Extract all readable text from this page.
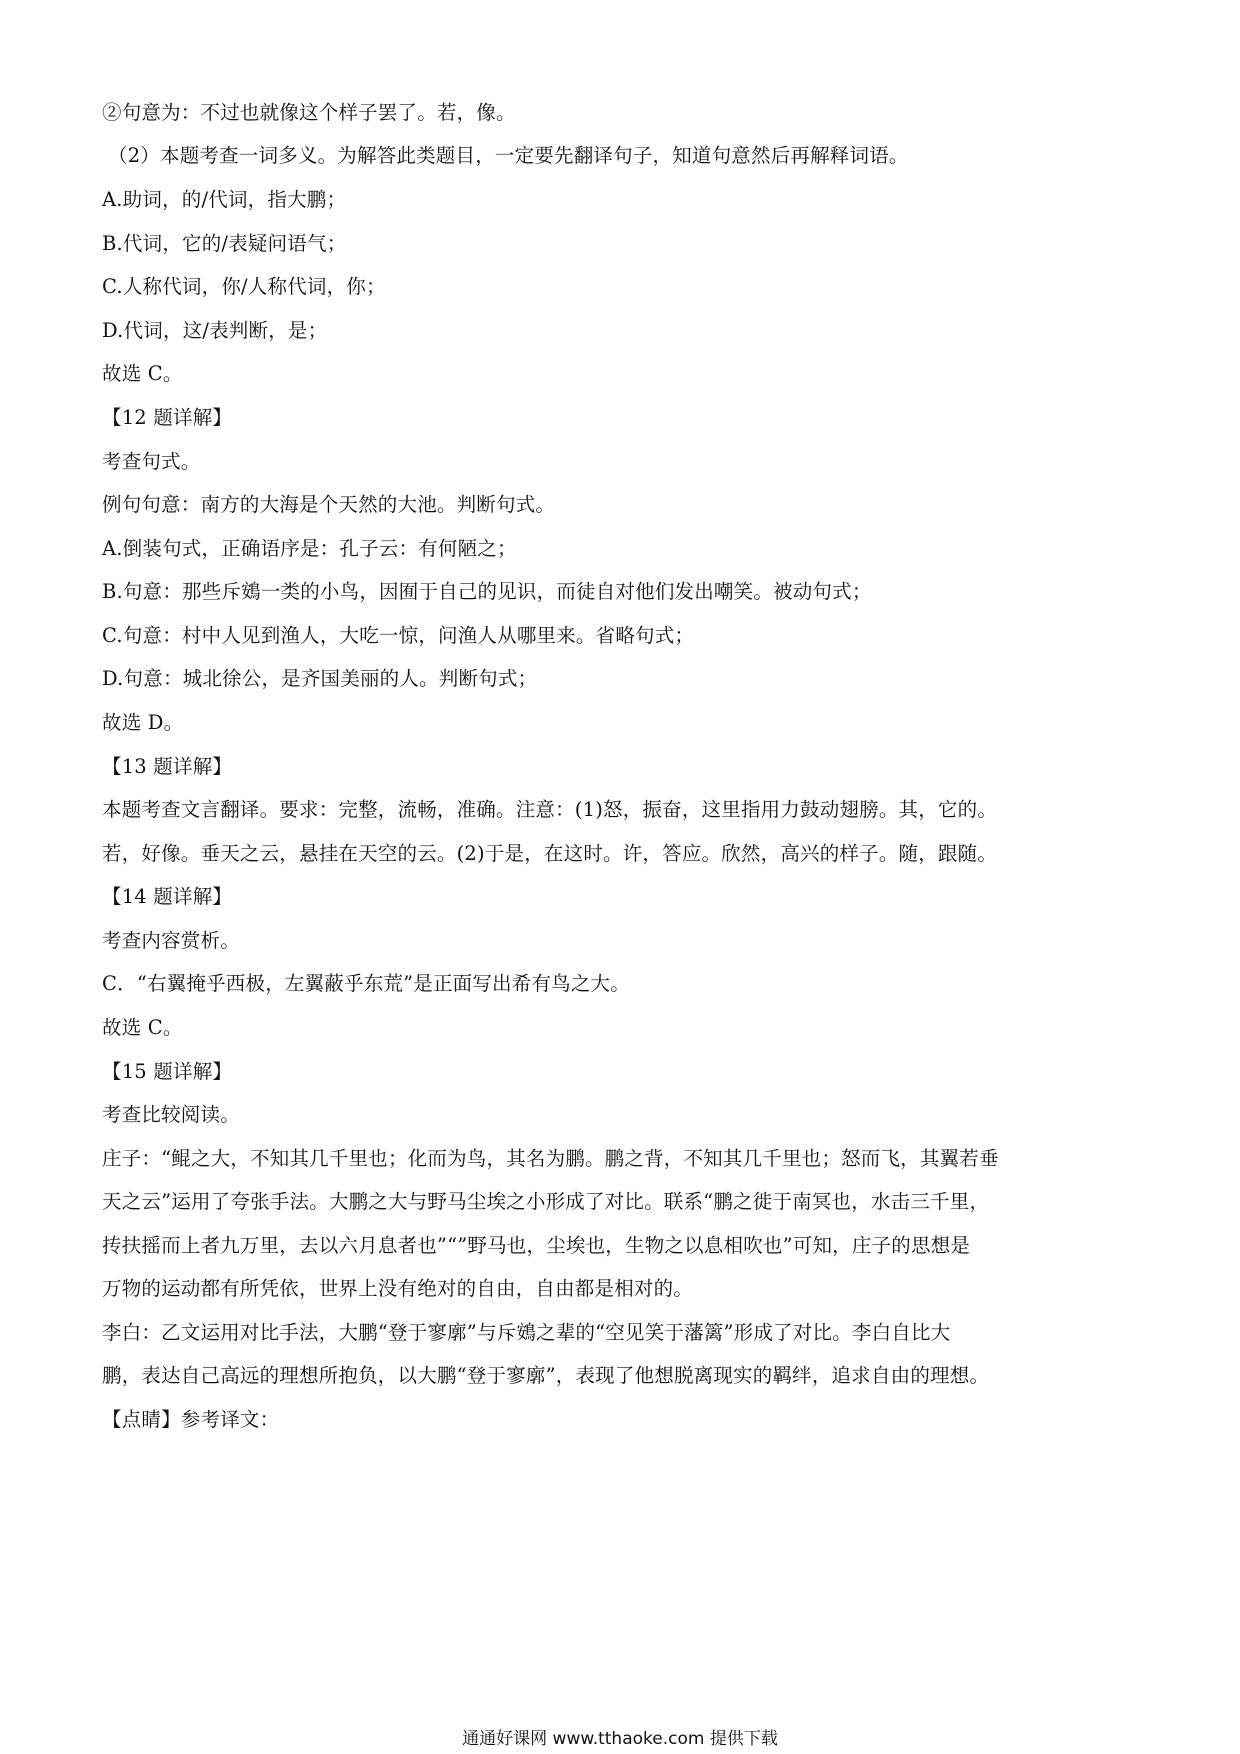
②句意为：不过也就像这个样子罢了。若，像。
（2）本题考查一词多义。为解答此类题目，一定要先翻译句子，知道句意然后再解释词语。
A.助词，的/代词，指大鹏；
B.代词，它的/表疑问语气；
C.人称代词，你/人称代词，你；
D.代词，这/表判断，是；
故选 C。
【12 题详解】
考查句式。
例句句意：南方的大海是个天然的大池。判断句式。
A.倒装句式，正确语序是：孔子云：有何陋之；
B.句意：那些斥鴳一类的小鸟，因囿于自己的见识，而徒自对他们发出嘲笑。被动句式；
C.句意：村中人见到渔人，大吃一惊，问渔人从哪里来。省略句式；
D.句意：城北徐公，是齐国美丽的人。判断句式；
故选 D。
【13 题详解】
本题考查文言翻译。要求：完整，流畅，准确。注意：(1)怒，振奋，这里指用力鼓动翅膀。其，它的。
若，好像。垂天之云，悬挂在天空的云。(2)于是，在这时。许，答应。欣然，高兴的样子。随，跟随。
【14 题详解】
考查内容赏析。
C．“右翼掩乎西极，左翼蔽乎东荒”是正面写出希有鸟之大。
故选 C。
【15 题详解】
考查比较阅读。
庄子：“鲲之大，不知其几千里也；化而为鸟，其名为鹏。鹏之背，不知其几千里也；怒而飞，其翼若垂
天之云”运用了夸张手法。大鹏之大与野马尘埃之小形成了对比。联系“鹏之徙于南冥也，水击三千里，
抟扶摇而上者九万里，去以六月息者也”“”野马也，尘埃也，生物之以息相吹也”可知，庄子的思想是
万物的运动都有所凭依，世界上没有绝对的自由，自由都是相对的。
李白：乙文运用对比手法，大鹏“登于寥廓”与斥鴳之辈的“空见笑于藩篱”形成了对比。李白自比大
鹏，表达自己高远的理想所抱负，以大鹏“登于寥廓”，表现了他想脱离现实的羁绊，追求自由的理想。
【点睛】参考译文：
通通好课网 www.tthaoke.com 提供下载
